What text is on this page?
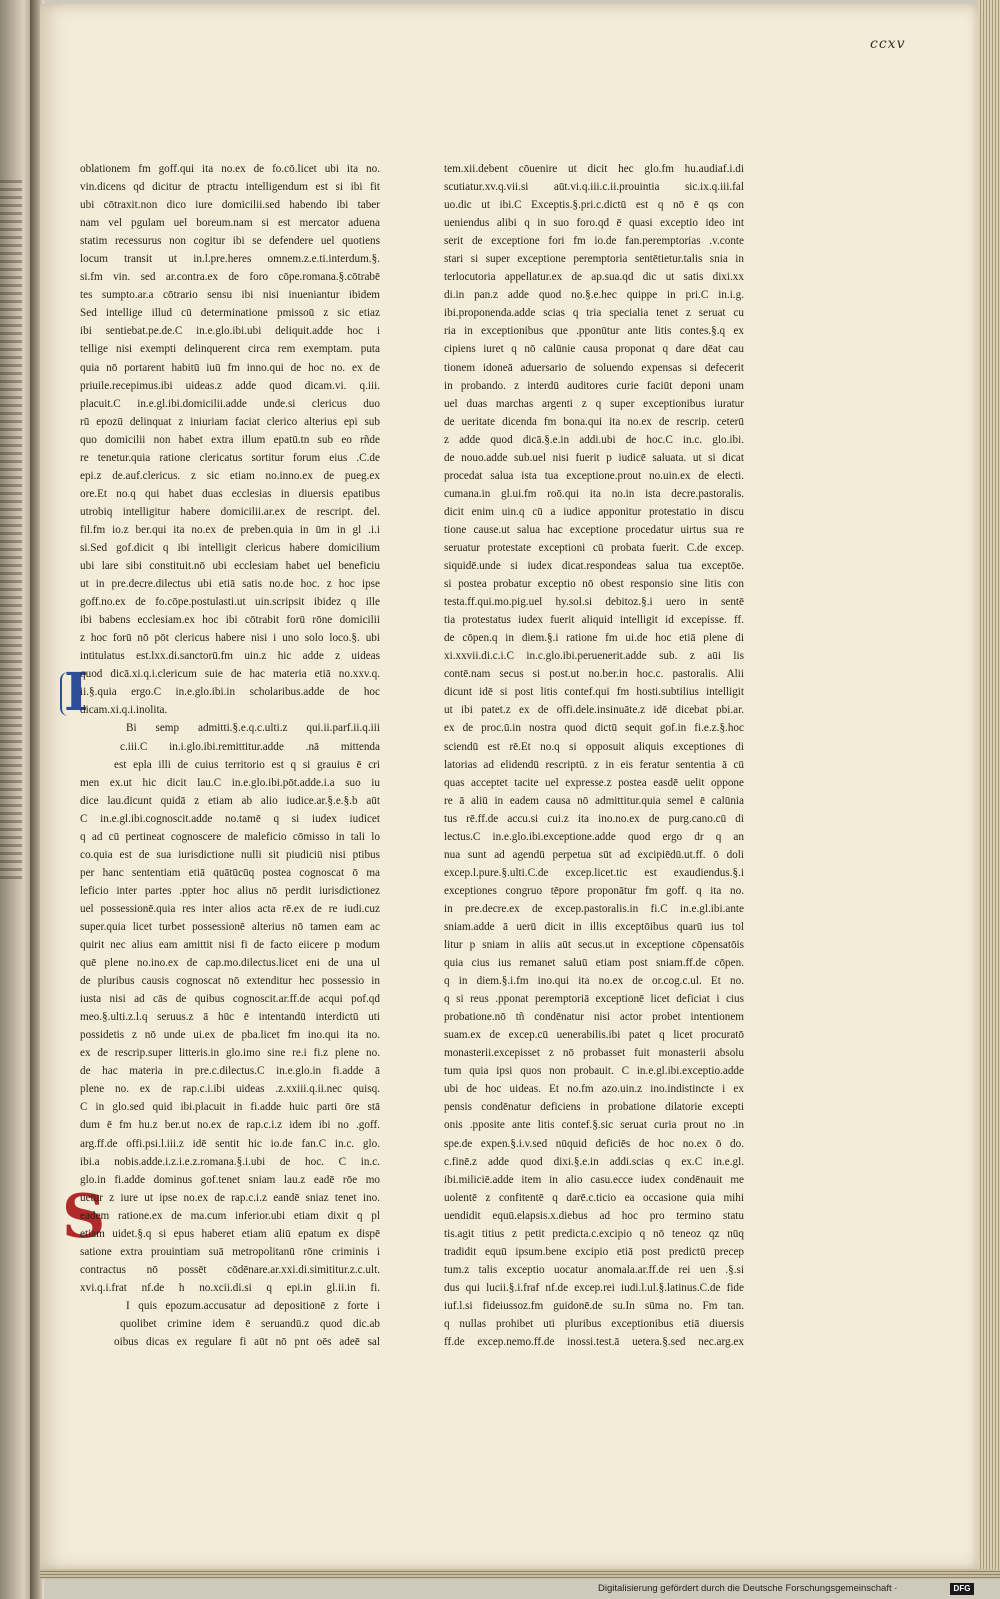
ccxv
I
S
oblationem fm goff.qui ita no.ex de fo.cō.licet ubi ita no.
vin.dicens qd dicitur de ptractu intelligendum est si ibi fit
ubi cōtraxit.non dico iure domicilii.sed habendo ibi taber
nam vel pgulam uel boreum.nam si est mercator aduena
statim recessurus non cogitur ibi se defendere uel quotiens
locum transit ut in.l.pre.heres omnem.z.e.ti.interdum.§.
si.fm vin. sed ar.contra.ex de foro cōpe.romana.§.cōtrabē
tes sumpto.ar.a cōtrario sensu ibi nisi inueniantur ibidem
Sed intellige illud cū determinatione pmissoū z sic etiaz
ibi sentiebat.pe.de.C in.e.glo.ibi.ubi deliquit.adde hoc i
tellige nisi exempti delinquerent circa rem exemptam. puta
quia nō portarent habitū iuū fm inno.qui de hoc no. ex de
priuile.recepimus.ibi uideas.z adde quod dicam.vi. q.iii.
placuit.C in.e.gl.ibi.domicilii.adde unde.si clericus duo
rū epozū delinquat z iniuriam faciat clerico alterius epi sub
quo domicilii non habet extra illum epatū.tn sub eo rñde
re tenetur.quia ratione clericatus sortitur forum eius .C.de
epi.z de.auf.clericus. z sic etiam no.inno.ex de pueg.ex
ore.Et no.q qui habet duas ecclesias in diuersis epatibus
utrobiq intelligitur habere domicilii.ar.ex de rescript. del.
fil.fm io.z ber.qui ita no.ex de preben.quia in ūm in gl .i.i
si.Sed gof.dicit q ibi intelligit clericus habere domicilium
ubi lare sibi constituit.nō ubi ecclesiam habet uel beneficiu
ut in pre.decre.dilectus ubi etiā satis no.de hoc. z hoc ipse
goff.no.ex de fo.cōpe.postulasti.ut uin.scripsit ibidez q ille
ibi babens ecclesiam.ex hoc ibi cōtrabit forū rōne domicilii
z hoc forū nō pōt clericus habere nisi i uno solo loco.§. ubi
intitulatus est.lxx.di.sanctorū.fm uin.z hic adde z uideas
quod dicā.xi.q.i.clericum suie de hac materia etiā no.xxv.q.
ii.§.quia ergo.C in.e.glo.ibi.in scholaribus.adde de hoc
dicam.xi.q.i.inolita.
Bi semp admitti.§.e.q.c.ulti.z qui.ii.parf.ii.q.iii
c.iii.C in.i.glo.ibi.remittitur.adde .nā mittenda
est epla illi de cuius territorio est q si grauius ē cri
men ex.ut hic dicit lau.C in.e.glo.ibi.pōt.adde.i.a suo iu
dice lau.dicunt quidā z etiam ab alio iudice.ar.§.e.§.b aūt
C in.e.gl.ibi.cognoscit.adde no.tamē q si iudex iudicet
q ad cū pertineat cognoscere de maleficio cōmisso in tali lo
co.quia est de sua iurisdictione nulli sit piudiciū nisi ptibus
per hanc sententiam etiā quātūcūq postea cognoscat ō ma
leficio inter partes .ppter hoc alius nō perdit iurisdictionez
uel possessionē.quia res inter alios acta rē.ex de re iudi.cuz
super.quia licet turbet possessionē alterius nō tamen eam ac
quirit nec alius eam amittit nisi fi de facto eiicere p modum
quē plene no.ino.ex de cap.mo.dilectus.licet eni de una ul
de pluribus causis cognoscat nō extenditur hec possessio in
iusta nisi ad cās de quibus cognoscit.ar.ff.de acqui pof.qd
meo.§.ulti.z.l.q seruus.z ā hūc ē intentandū interdictū uti
possidetis z nō unde ui.ex de pba.licet fm ino.qui ita no.
ex de rescrip.super litteris.in glo.imo sine re.i fi.z plene no.
de hac materia in pre.c.dilectus.C in.e.glo.in fi.adde ā
plene no. ex de rap.c.i.ibi uideas .z.xxiii.q.ii.nec quisq.
C in glo.sed quid ibi.placuit in fi.adde huic parti ōre stā
dum ē fm hu.z ber.ut no.ex de rap.c.i.z idem ibi no .goff.
arg.ff.de offi.psi.l.iii.z idē sentit hic io.de fan.C in.c. glo.
ibi.a nobis.adde.i.z.i.e.z.romana.§.i.ubi de hoc. C in.c.
glo.in fi.adde dominus gof.tenet sniam lau.z eadē rōe mo
uetur z iure ut ipse no.ex de rap.c.i.z eandē sniaz tenet ino.
eadem ratione.ex de ma.cum inferior.ubi etiam dixit q pl
etiam uidet.§.q si epus haberet etiam aliū epatum ex dispē
satione extra prouintiam suā metropolitanū rōne criminis i
contractus nō possēt cōdēnare.ar.xxi.di.simititur.z.c.ult.
xvi.q.i.frat nf.de h no.xcii.di.si q epi.in gl.ii.in fi.
I quis epozum.accusatur ad depositionē z forte i
quolibet crimine idem ē seruandū.z quod dic.ab
oibus dicas ex regulare fi aūt nō pnt oēs adeē sal
tem.xii.debent cōuenire ut dicit hec glo.fm hu.audiaf.i.di
scutiatur.xv.q.vii.si aūt.vi.q.iii.c.ii.prouintia sic.ix.q.iii.fal
uo.dic ut ibi.C Exceptis.§.pri.c.dictū est q nō ē qs con
ueniendus alibi q in suo foro.qd ē quasi exceptio ideo int
serit de exceptione fori fm io.de fan.peremptorias .v.conte
stari si super exceptione peremptoria sentētietur.talis snia in
terlocutoria appellatur.ex de ap.sua.qd dic ut satis dixi.xx
di.in pan.z adde quod no.§.e.hec quippe in pri.C in.i.g.
ibi.proponenda.adde scias q tria specialia tenet z seruat cu
ria in exceptionibus que .pponūtur ante litis contes.§.q ex
cipiens iuret q nō calūnie causa proponat q dare dēat cau
tionem idoneā aduersario de soluendo expensas si defecerit
in probando. z interdū auditores curie faciūt deponi unam
uel duas marchas argenti z q super exceptionibus iuratur
de ueritate dicenda fm bona.qui ita no.ex de rescrip. ceterū
z adde quod dicā.§.e.in addi.ubi de hoc.C in.c. glo.ibi.
de nouo.adde sub.uel nisi fuerit p iudicē saluata. ut si dicat
procedat salua ista tua exceptione.prout no.uin.ex de electi.
cumana.in gl.ui.fm roō.qui ita no.in ista decre.pastoralis.
dicit enim uin.q cū a iudice apponitur protestatio in discu
tione cause.ut salua hac exceptione procedatur uirtus sua re
seruatur protestate exceptioni cū probata fuerit. C.de excep.
siquidē.unde si iudex dicat.respondeas salua tua exceptōe.
si postea probatur exceptio nō obest responsio sine litis con
testa.ff.qui.mo.pig.uel hy.sol.si debitoz.§.i uero in sentē
tia protestatus iudex fuerit aliquid intelligit id excepisse. ff.
de cōpen.q in diem.§.i ratione fm ui.de hoc etiā plene di
xi.xxvii.di.c.i.C in.c.glo.ibi.peruenerit.adde sub. z aūi lis
contē.nam secus si post.ut no.ber.in hoc.c. pastoralis. Alii
dicunt idē si post litis contef.qui fm hosti.subtilius intelligit
ut ibi patet.z ex de offi.dele.insinuāte.z idē dicebat pbi.ar.
ex de proc.ū.in nostra quod dictū sequit gof.in fi.e.z.§.hoc
sciendū est rē.Et no.q si opposuit aliquis exceptiones di
latorias ad elidendū rescriptū. z in eis feratur sententia ā cū
quas acceptet tacite uel expresse.z postea easdē uelit oppone
re ā aliū in eadem causa nō admittitur.quia semel ē calūnia
tus rē.ff.de accu.si cui.z ita ino.no.ex de purg.cano.cū di
lectus.C in.e.glo.ibi.exceptione.adde quod ergo dr q an
nua sunt ad agendū perpetua sūt ad excipiēdū.ut.ff. ō doli
excep.l.pure.§.ulti.C.de excep.licet.tic est exaudiendus.§.i
exceptiones congruo tēpore proponātur fm goff. q ita no.
in pre.decre.ex de excep.pastoralis.in fi.C in.e.gl.ibi.ante
sniam.adde ā uerū dicit in illis exceptōibus quarū ius tol
litur p sniam in aliis aūt secus.ut in exceptione cōpensatōis
quia cius ius remanet saluū etiam post sniam.ff.de cōpen.
q in diem.§.i.fm ino.qui ita no.ex de or.cog.c.ul. Et no.
q si reus .pponat peremptoriā exceptionē licet deficiat i cius
probatione.nō tñ condēnatur nisi actor probet intentionem
suam.ex de excep.cū uenerabilis.ibi patet q licet procuratō
monasterii.excepisset z nō probasset fuit monasterii absolu
tum quia ipsi quos non probauit. C in.e.gl.ibi.exceptio.adde
ubi de hoc uideas. Et no.fm azo.uin.z ino.indistincte i ex
pensis condēnatur deficiens in probatione dilatorie excepti
onis .pposite ante litis contef.§.sic seruat curia prout no .in
spe.de expen.§.i.v.sed nūquid deficiēs de hoc no.ex ō do.
c.finē.z adde quod dixi.§.e.in addi.scias q ex.C in.e.gl.
ibi.miliciē.adde item in alio casu.ecce iudex condēnauit me
uolentē z confitentē q darē.c.ticio ea occasione quia mihi
uendidit equū.elapsis.x.diebus ad hoc pro termino statu
tis.agit titius z petit predicta.c.excipio q nō teneoz qz nūq
tradidit equū ipsum.bene excipio etiā post predictū precep
tum.z talis exceptio uocatur anomala.ar.ff.de rei uen .§.si
dus qui lucii.§.i.fraf nf.de excep.rei iudi.l.ul.§.latinus.C.de fide
iuf.l.si fideiussoz.fm guidonē.de su.In sūma no. Fm tan.
q nullas prohibet uti pluribus exceptionibus etiā diuersis
ff.de excep.nemo.ff.de inossi.test.ā uetera.§.sed nec.arg.ex
Digitalisierung gefördert durch die Deutsche Forschungsgemeinschaft ·	DFG
